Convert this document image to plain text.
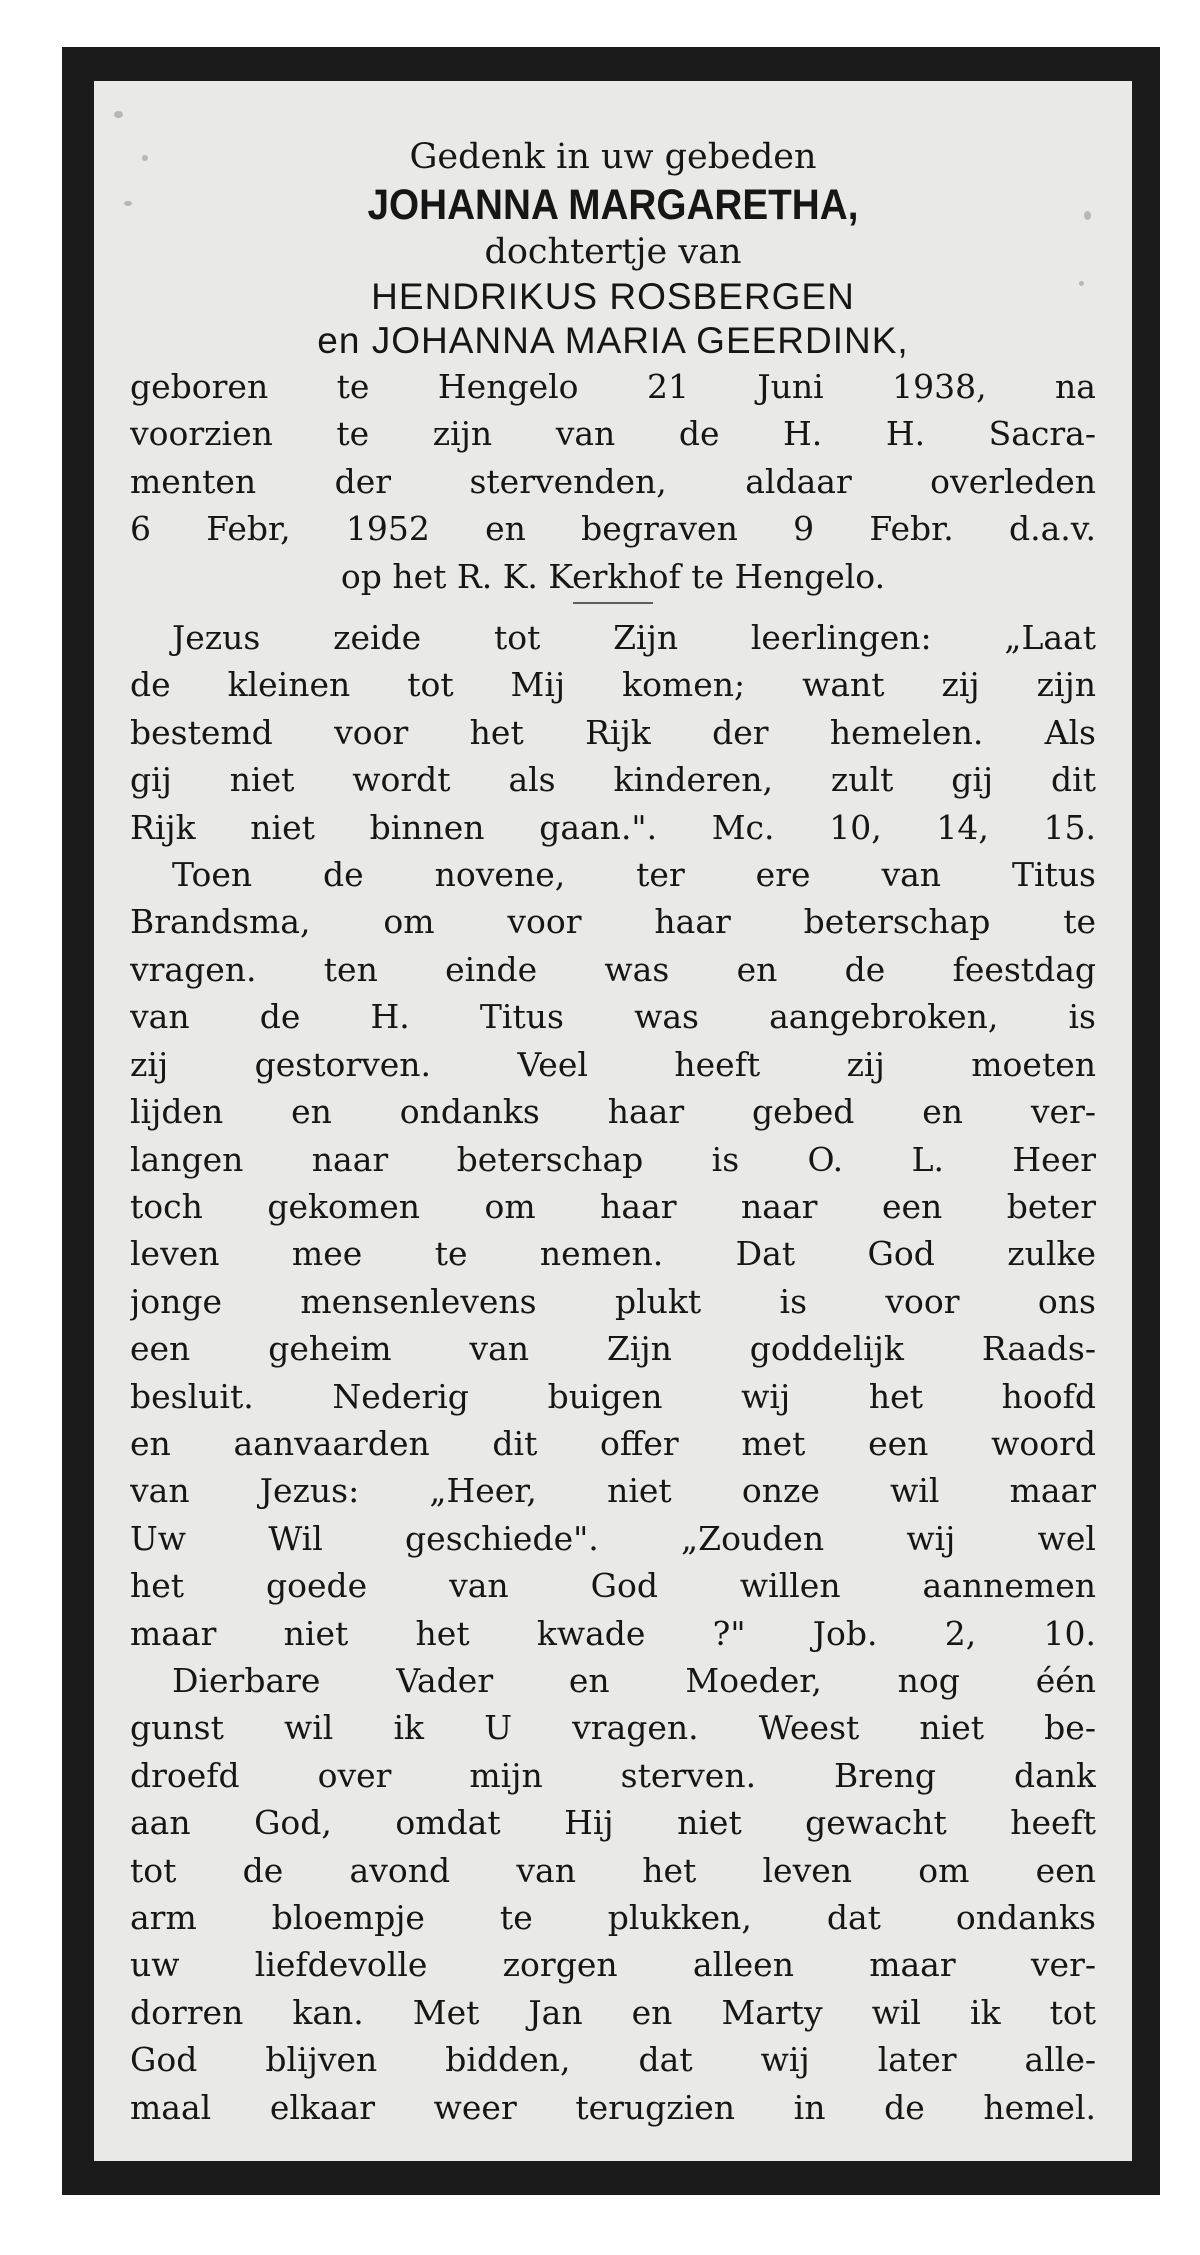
Gedenk in uw gebeden

JOHANNA MARGARETHA,

dochtertje van

HENDRIKUS ROSBERGEN

en JOHANNA MARIA GEERDINK,

geboren te Hengelo 21 Juni 1938, na

voorzien te zijn van de H. H. Sacra-

menten der stervenden, aldaar overleden

6 Febr, 1952 en begraven 9 Febr. d.a.v.

op het R. K. Kerkhof te Hengelo.

Jezus zeide tot Zijn leerlingen: „Laat

de kleinen tot Mij komen; want zij zijn

bestemd voor het Rijk der hemelen. Als

gij niet wordt als kinderen, zult gij dit

Rijk niet binnen gaan.". Mc. 10, 14, 15.

Toen de novene, ter ere van Titus

Brandsma, om voor haar beterschap te

vragen. ten einde was en de feestdag

van de H. Titus was aangebroken, is

zij gestorven. Veel heeft zij moeten

lijden en ondanks haar gebed en ver-

langen naar beterschap is O. L. Heer

toch gekomen om haar naar een beter

leven mee te nemen. Dat God zulke

jonge mensenlevens plukt is voor ons

een geheim van Zijn goddelijk Raads-

besluit. Nederig buigen wij het hoofd

en aanvaarden dit offer met een woord

van Jezus: „Heer, niet onze wil maar

Uw Wil geschiede". „Zouden wij wel

het goede van God willen aannemen

maar niet het kwade ?" Job. 2, 10.

Dierbare Vader en Moeder, nog één

gunst wil ik U vragen. Weest niet be-

droefd over mijn sterven. Breng dank

aan God, omdat Hij niet gewacht heeft

tot de avond van het leven om een

arm bloempje te plukken, dat ondanks

uw liefdevolle zorgen alleen maar ver-

dorren kan. Met Jan en Marty wil ik tot

God blijven bidden, dat wij later alle-

maal elkaar weer terugzien in de hemel.
